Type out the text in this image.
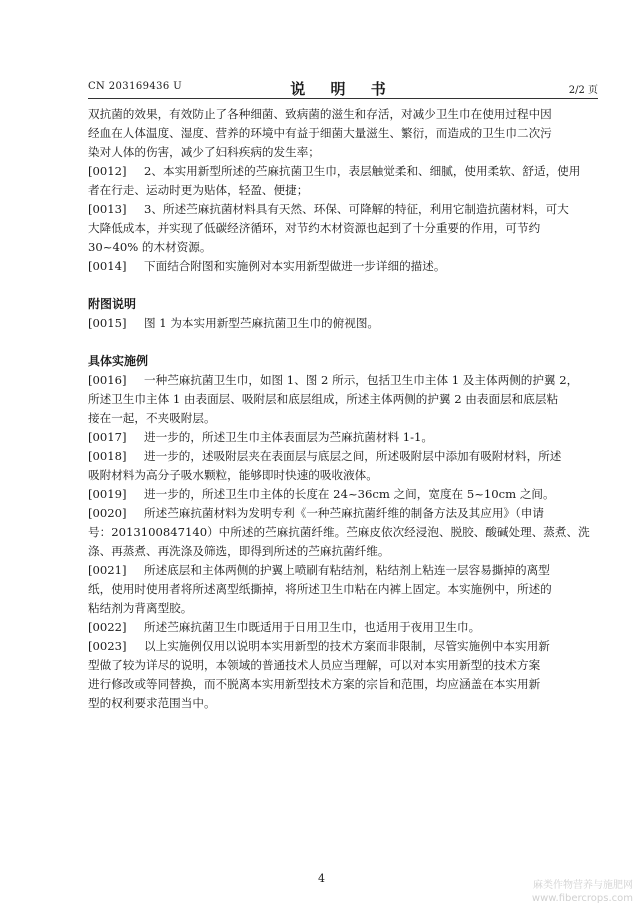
CN 203169436 U	说 明 书	2/2 页
双抗菌的效果，有效防止了各种细菌、致病菌的滋生和存活，对减少卫生巾在使用过程中因
经血在人体温度、湿度、营养的环境中有益于细菌大量滋生、繁衍，而造成的卫生巾二次污
染对人体的伤害，减少了妇科疾病的发生率；
[0012]	2、本实用新型所述的苎麻抗菌卫生巾，表层触觉柔和、细腻，使用柔软、舒适，使用
者在行走、运动时更为贴体，轻盈、便捷；
[0013]	3、所述苎麻抗菌材料具有天然、环保、可降解的特征，利用它制造抗菌材料，可大
大降低成本，并实现了低碳经济循环，对节约木材资源也起到了十分重要的作用，可节约
30~40% 的木材资源。
[0014]	下面结合附图和实施例对本实用新型做进一步详细的描述。
附图说明
[0015]	图 1 为本实用新型苎麻抗菌卫生巾的俯视图。
具体实施例
[0016]	一种苎麻抗菌卫生巾，如图 1、图 2 所示，包括卫生巾主体 1 及主体两侧的护翼 2，
所述卫生巾主体 1 由表面层、吸附层和底层组成，所述主体两侧的护翼 2 由表面层和底层粘
接在一起，不夹吸附层。
[0017]	进一步的，所述卫生巾主体表面层为苎麻抗菌材料 1-1。
[0018]	进一步的，述吸附层夹在表面层与底层之间，所述吸附层中添加有吸附材料，所述
吸附材料为高分子吸水颗粒，能够即时快速的吸收液体。
[0019]	进一步的，所述卫生巾主体的长度在 24~36cm 之间，宽度在 5~10cm 之间。
[0020]	所述苎麻抗菌材料为发明专利《一种苎麻抗菌纤维的制备方法及其应用》（申请
号：2013100847140）中所述的苎麻抗菌纤维。苎麻皮依次经浸泡、脱胶、酸碱处理、蒸煮、洗
涤、再蒸煮、再洗涤及筛选，即得到所述的苎麻抗菌纤维。
[0021]	所述底层和主体两侧的护翼上喷刷有粘结剂，粘结剂上粘连一层容易撕掉的离型
纸，使用时使用者将所述离型纸撕掉，将所述卫生巾粘在内裤上固定。本实施例中，所述的
粘结剂为背离型胶。
[0022]	所述苎麻抗菌卫生巾既适用于日用卫生巾，也适用于夜用卫生巾。
[0023]	以上实施例仅用以说明本实用新型的技术方案而非限制，尽管实施例中本实用新
型做了较为详尽的说明，本领域的普通技术人员应当理解，可以对本实用新型的技术方案
进行修改或等同替换，而不脱离本实用新型技术方案的宗旨和范围，均应涵盖在本实用新
型的权利要求范围当中。
4
麻类作物营养与施肥网
www.fibercrops.com
